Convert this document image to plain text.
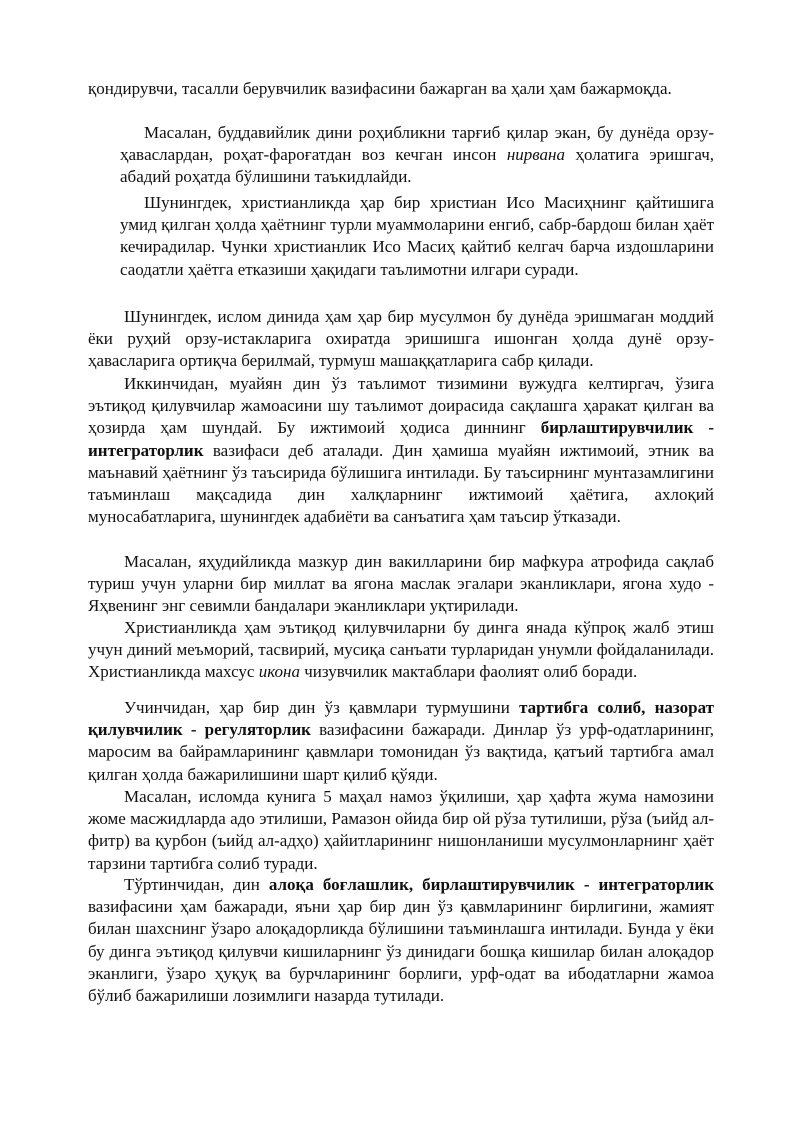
қондирувчи, тасалли берувчилик вазифасини бажарган ва ҳали ҳам бажармоқда.

Масалан, буддавийлик дини роҳибликни тарғиб қилар экан, бу дунёда орзу-ҳавaслардан, роҳат-фароғатдан воз кечган инсон нирвана ҳолатига эришгач, абадий роҳатда бўлишини таъкидлайди.

Шунингдек, христианликда ҳар бир христиан Исо Масиҳнинг қайтишига умид қилган ҳолда ҳаётнинг турли муаммоларини енгиб, сабр-бардош билан ҳаёт кечирадилар. Чунки христианлик Исо Масиҳ қайтиб келгач барча издошларини саодатли ҳаётга етказиши ҳақидаги таълимотни илгари суради.

Шунингдек, ислом динида ҳам ҳар бир мусулмон бу дунёда эришмаган моддий ёки руҳий орзу-истакларига охиратда эришишга ишонган ҳолда дунё орзу-ҳавасларига ортиқча берилмай, турмуш машаққатларига сабр қилади.

Иккинчидан, муайян дин ўз таълимот тизимини вужудга келтиргач, ўзига эътиқод қилувчилар жамоасини шу таълимот доирасида сақлашга ҳаракат қилган ва ҳозирда ҳам шундай. Бу ижтимоий ҳодиса диннинг бирлаштирувчилик - интеграторлик вазифаси деб аталади. Дин ҳамиша муайян ижтимоий, этник ва маънавий ҳаётнинг ўз таъсирида бўлишига интилади. Бу таъсирнинг мунтазамлигини таъминлаш мақсадида дин халқларнинг ижтимоий ҳаётига, ахлоқий муносабатларига, шунингдек адабиёти ва санъатига ҳам таъсир ўтказади.

Масалан, яҳудийликда мазкур дин вакилларини бир мафкура атрофида сақлаб туриш учун уларни бир миллат ва ягона маслак эгалари эканликлари, ягона худо - Яҳвенинг энг севимли бандалари эканликлари уқтирилади.

Христианликда ҳам эътиқод қилувчиларни бу динга янада кўпроқ жалб этиш учун диний меъморий, тасвирий, мусиқа санъати турларидан унумли фойдаланилади. Христианликда махсус икона чизувчилик мактаблари фаолият олиб боради.

Учинчидан, ҳар бир дин ўз қавмлари турмушини тартибга солиб, назорат қилувчилик - регуляторлик вазифасини бажаради. Динлар ўз урф-одатларининг, маросим ва байрамларининг қавмлари томонидан ўз вақтида, қатъий тартибга амал қилган ҳолда бажарилишини шарт қилиб қўяди.

Масалан, исломда кунига 5 маҳал намоз ўқилиши, ҳар ҳафта жума намозини жоме масжидларда адо этилиши, Рамазон ойида бир ой рўза тутилиши, рўза (ъийд ал-фитр) ва қурбон (ъийд ал-адҳо) ҳайитларининг нишонланиши мусулмонларнинг ҳаёт тарзини тартибга солиб туради.

Тўртинчидан, дин алоқа боғлашлик, бирлаштирувчилик - интеграторлик вазифасини ҳам бажаради, яъни ҳар бир дин ўз қавмларининг бирлигини, жамият билан шахснинг ўзаро алоқадорликда бўлишини таъминлашга интилади. Бунда у ёки бу динга эътиқод қилувчи кишиларнинг ўз динидаги бошқа кишилар билан алоқадор эканлиги, ўзаро ҳуқуқ ва бурчларининг борлиги, урф-одат ва ибодатларни жамоа бўлиб бажарилиши лозимлиги назарда тутилади.
